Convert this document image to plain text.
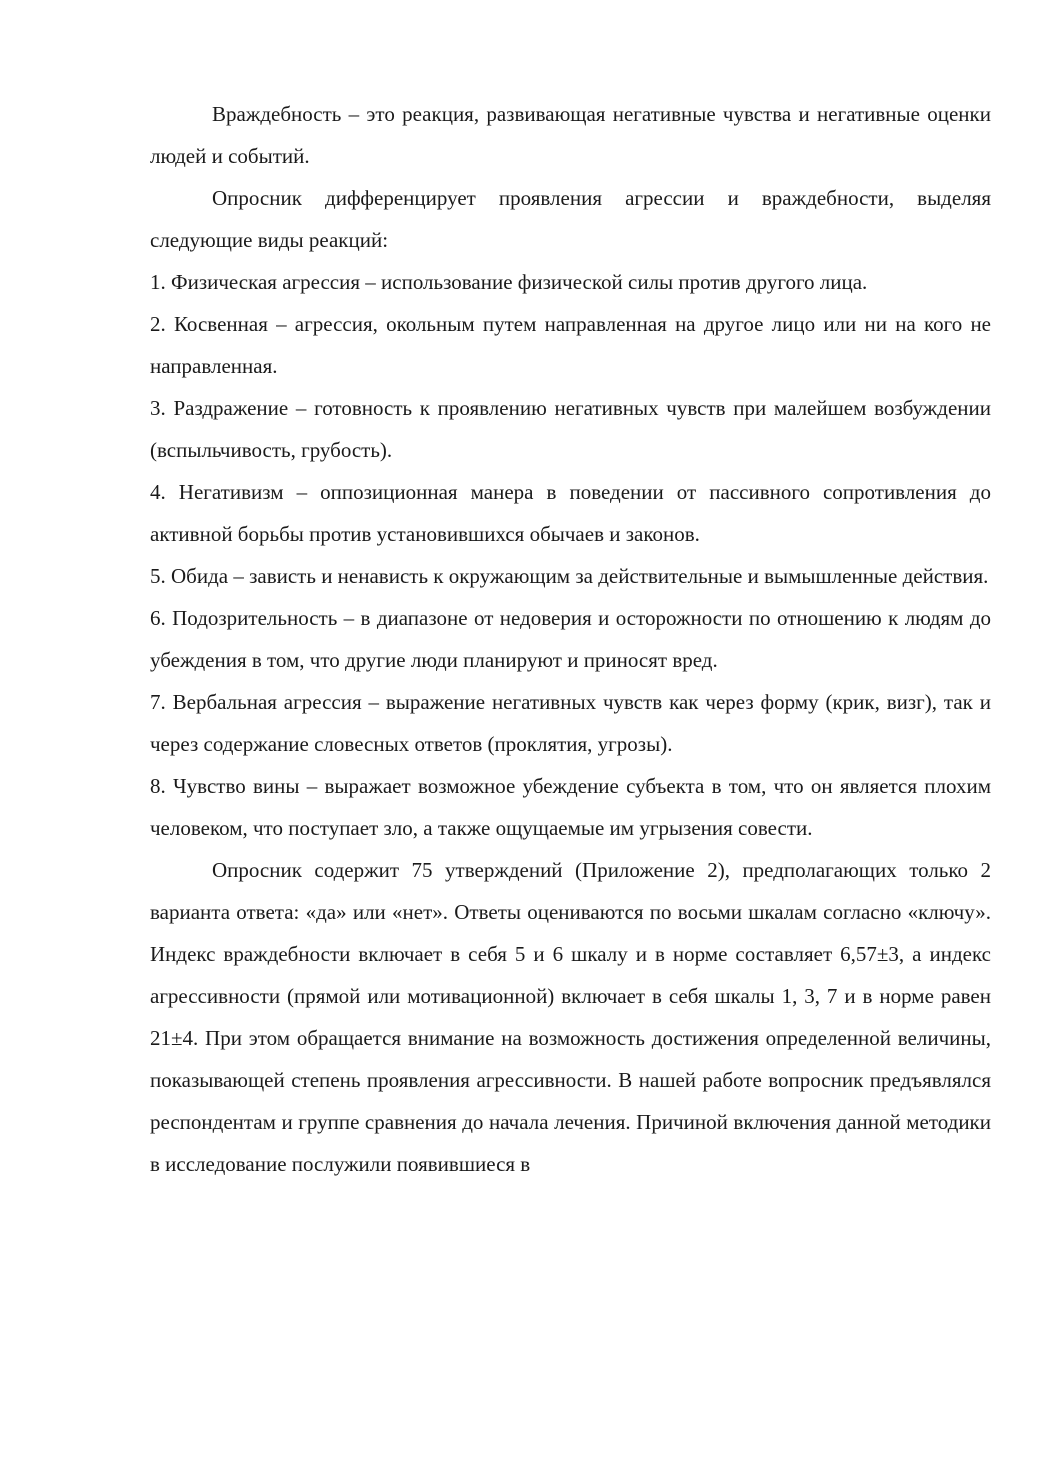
Враждебность – это реакция, развивающая негативные чувства и негативные оценки людей и событий.

Опросник дифференцирует проявления агрессии и враждебности, выделяя следующие виды реакций:

1. Физическая агрессия – использование физической силы против другого лица.

2. Косвенная – агрессия, окольным путем направленная на другое лицо или ни на кого не направленная.

3. Раздражение – готовность к проявлению негативных чувств при малейшем возбуждении (вспыльчивость, грубость).

4. Негативизм – оппозиционная манера в поведении от пассивного сопротивления до активной борьбы против установившихся обычаев и законов.

5. Обида – зависть и ненависть к окружающим за действительные и вымышленные действия.

6. Подозрительность – в диапазоне от недоверия и осторожности по отношению к людям до убеждения в том, что другие люди планируют и приносят вред.

7. Вербальная агрессия – выражение негативных чувств как через форму (крик, визг), так и через содержание словесных ответов (проклятия, угрозы).

8. Чувство вины – выражает возможное убеждение субъекта в том, что он является плохим человеком, что поступает зло, а также ощущаемые им угрызения совести.

Опросник содержит 75 утверждений (Приложение 2), предполагающих только 2 варианта ответа: «да» или «нет». Ответы оцениваются по восьми шкалам согласно «ключу». Индекс враждебности включает в себя 5 и 6 шкалу и в норме составляет 6,57±3, а индекс агрессивности (прямой или мотивационной) включает в себя шкалы 1, 3, 7 и в норме равен 21±4. При этом обращается внимание на возможность достижения определенной величины, показывающей степень проявления агрессивности. В нашей работе вопросник предъявлялся респондентам и группе сравнения до начала лечения. Причиной включения данной методики в исследование послужили появившиеся в
